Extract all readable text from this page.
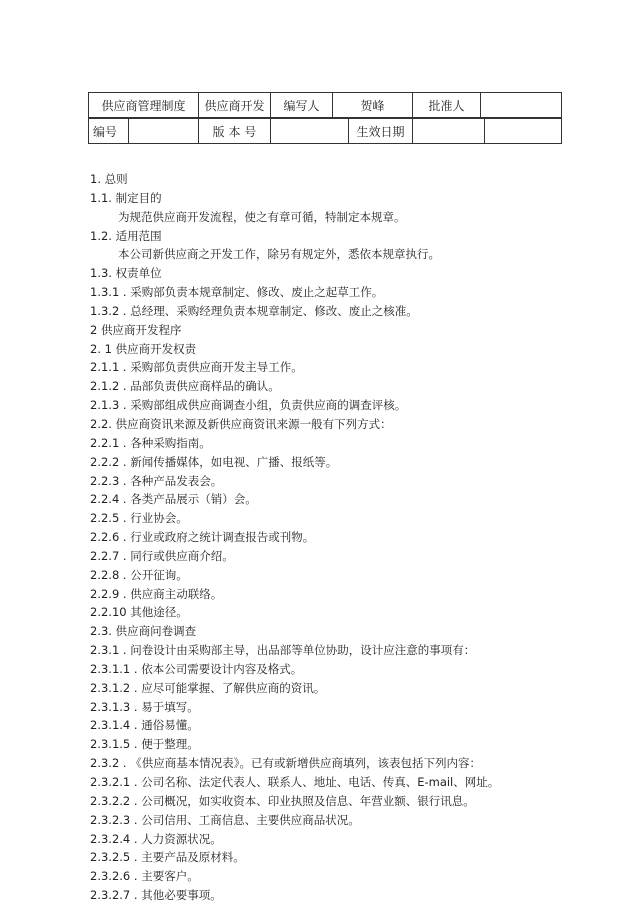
供应商管理制度	供应商开发	编写人	贺峰	批准人	
编号		版 本 号		生效日期		
1. 总则
1.1. 制定目的
为规范供应商开发流程，使之有章可循，特制定本规章。
1.2. 适用范围
本公司新供应商之开发工作，除另有规定外，悉依本规章执行。
1.3. 权责单位
1.3.1 . 采购部负责本规章制定、修改、废止之起草工作。
1.3.2 . 总经理、采购经理负责本规章制定、修改、废止之核准。
2 供应商开发程序
2. 1 供应商开发权责
2.1.1 . 采购部负责供应商开发主导工作。
2.1.2 . 品部负责供应商样品的确认。
2.1.3 . 采购部组成供应商调查小组，负责供应商的调查评核。
2.2. 供应商资讯来源及新供应商资讯来源一般有下列方式：
2.2.1 . 各种采购指南。
2.2.2 . 新闻传播媒体，如电视、广播、报纸等。
2.2.3 . 各种产品发表会。
2.2.4 . 各类产品展示（销）会。
2.2.5 . 行业协会。
2.2.6 . 行业或政府之统计调查报告或刊物。
2.2.7 . 同行或供应商介绍。
2.2.8 . 公开征询。
2.2.9 . 供应商主动联络。
2.2.10 其他途径。
2.3. 供应商问卷调查
2.3.1 . 问卷设计由采购部主导，出品部等单位协助，设计应注意的事项有：
2.3.1.1 . 依本公司需要设计内容及格式。
2.3.1.2 . 应尽可能掌握、了解供应商的资讯。
2.3.1.3 . 易于填写。
2.3.1.4 . 通俗易懂。
2.3.1.5 . 便于整理。
2.3.2 . 《供应商基本情况表》。已有或新增供应商填列，该表包括下列内容：
2.3.2.1 . 公司名称、法定代表人、联系人、地址、电话、传真、E-mail、网址。
2.3.2.2 . 公司概况，如实收资本、印业执照及信息、年营业额、银行讯息。
2.3.2.3 . 公司信用、工商信息、主要供应商品状况。
2.3.2.4 . 人力资源状况。
2.3.2.5 . 主要产品及原材料。
2.3.2.6 . 主要客户。
2.3.2.7 . 其他必要事项。
